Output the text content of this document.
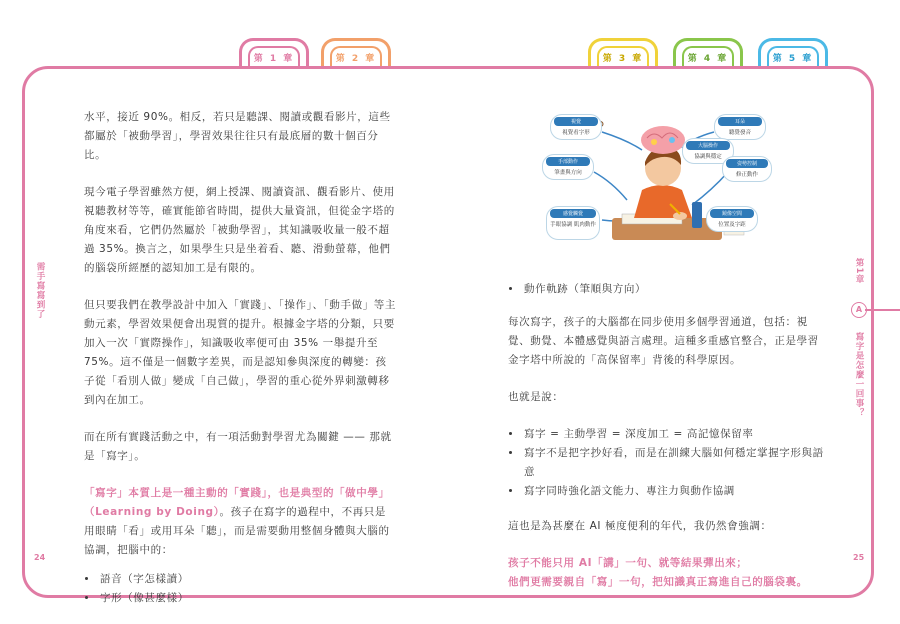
第 1 章	第 2 章	第 3 章	第 4 章	第 5 章
需手寫寫到了	第1章
A
寫字是怎麼一回事？
24	25

水平，接近 90%。相反，若只是聽課、閱讀或觀看影片，這些都屬於「被動學習」，學習效果往往只有最底層的數十個百分比。

現今電子學習雖然方便，網上授課、閱讀資訊、觀看影片、使用視聽教材等等，確實能節省時間，提供大量資訊，但從金字塔的角度來看，它們仍然屬於「被動學習」，其知識吸收量一般不超過 35%。換言之，如果學生只是坐着看、聽、滑動螢幕，他們的腦袋所經歷的認知加工是有限的。

但只要我們在教學設計中加入「實踐」、「操作」、「動手做」等主動元素，學習效果便會出現質的提升。根據金字塔的分類，只要加入一次「實際操作」，知識吸收率便可由 35% 一舉提升至 75%。這不僅是一個數字差異，而是認知參與深度的轉變：孩子從「看別人做」變成「自己做」，學習的重心從外界刺激轉移到內在加工。

而在所有實踐活動之中，有一項活動對學習尤為關鍵 —— 那就是「寫字」。

「寫字」本質上是一種主動的「實踐」，也是典型的「做中學」（Learning by Doing）。孩子在寫字的過程中，不再只是用眼睛「看」或用耳朵「聽」，而是需要動用整個身體與大腦的協調，把腦中的：

• 語音（字怎樣讀）
• 字形（像甚麼樣）
視覺
視覺看字形
手部動作
筆畫與方向
感覺觸覺
手眼協調 肌肉動作
耳朵
聽覺發音
大腦操作
協調與穩定
姿勢控制
修正動作
鏡像空間
位置及字距
• 動作軌跡（筆順與方向）

每次寫字，孩子的大腦都在同步使用多個學習通道，包括：視覺、動覺、本體感覺與語言處理。這種多重感官整合，正是學習金字塔中所說的「高保留率」背後的科學原因。

也就是說：

• 寫字 = 主動學習 = 深度加工 = 高記憶保留率
• 寫字不是把字抄好看，而是在訓練大腦如何穩定掌握字形與語意
• 寫字同時強化語文能力、專注力與動作協調

這也是為甚麼在 AI 極度便利的年代，我仍然會強調：

孩子不能只用 AI「講」一句、就等結果彈出來；
他們更需要親自「寫」一句，把知識真正寫進自己的腦袋裏。
